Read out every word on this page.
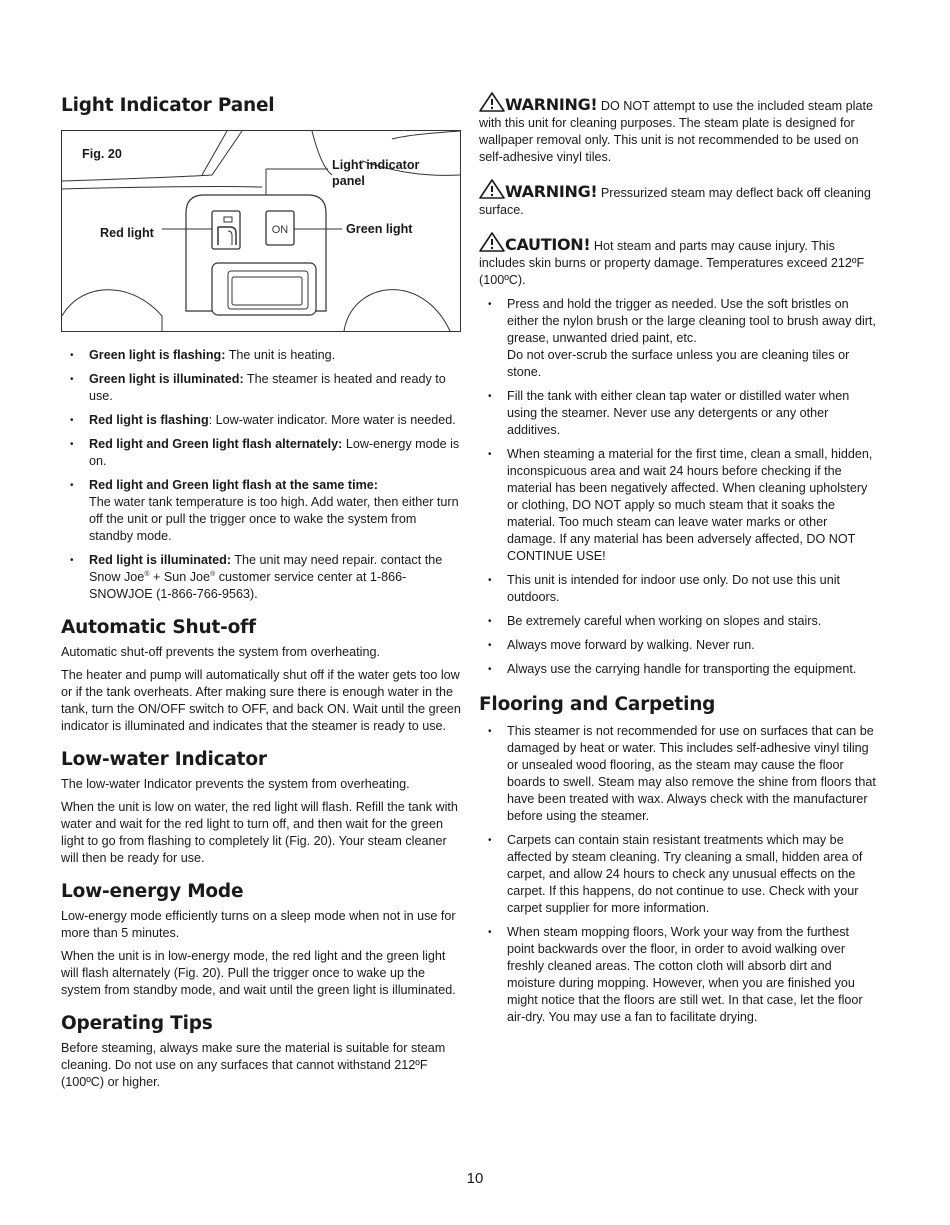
Light Indicator Panel
ON
Fig. 20
Light indicator panel
Red light	Green light
• Green light is flashing: The unit is heating.
• Green light is illuminated: The steamer is heated and ready to use.
• Red light is flashing: Low-water indicator. More water is needed.
• Red light and Green light flash alternately: Low-energy mode is on.
• Red light and Green light flash at the same time:
The water tank temperature is too high. Add water, then either turn off the unit or pull the trigger once to wake the system from standby mode.
• Red light is illuminated: The unit may need repair. contact the Snow Joe® + Sun Joe® customer service center at 1-866-SNOWJOE (1-866-766-9563).
Automatic Shut-off

Automatic shut-off prevents the system from overheating.

The heater and pump will automatically shut off if the water gets too low or if the tank overheats. After making sure there is enough water in the tank, turn the ON/OFF switch to OFF, and back ON. Wait until the green indicator is illuminated and indicates that the steamer is ready to use.

Low-water Indicator

The low-water Indicator prevents the system from overheating.

When the unit is low on water, the red light will flash. Refill the tank with water and wait for the red light to turn off, and then wait for the green light to go from flashing to completely lit (Fig. 20). Your steam cleaner will then be ready for use.

Low-energy Mode

Low-energy mode efficiently turns on a sleep mode when not in use for more than 5 minutes.

When the unit is in low-energy mode, the red light and the green light will flash alternately (Fig. 20). Pull the trigger once to wake up the system from standby mode, and wait until the green light is illuminated.

Operating Tips

Before steaming, always make sure the material is suitable for steam cleaning. Do not use on any surfaces that cannot withstand 212ºF (100ºC) or higher.

WARNING! DO NOT attempt to use the included steam plate with this unit for cleaning purposes. The steam plate is designed for wallpaper removal only. This unit is not recommended to be used on self-adhesive vinyl tiles.

WARNING! Pressurized steam may deflect back off cleaning surface.

CAUTION! Hot steam and parts may cause injury. This includes skin burns or property damage. Temperatures exceed 212ºF (100ºC).

• Press and hold the trigger as needed. Use the soft bristles on either the nylon brush or the large cleaning tool to brush away dirt, grease, unwanted dried paint, etc.
Do not over-scrub the surface unless you are cleaning tiles or stone.
• Fill the tank with either clean tap water or distilled water when using the steamer. Never use any detergents or any other additives.
• When steaming a material for the first time, clean a small, hidden, inconspicuous area and wait 24 hours before checking if the material has been negatively affected. When cleaning upholstery or clothing, DO NOT apply so much steam that it soaks the material. Too much steam can leave water marks or other damage. If any material has been adversely affected, DO NOT CONTINUE USE!
• This unit is intended for indoor use only. Do not use this unit outdoors.
• Be extremely careful when working on slopes and stairs.
• Always move forward by walking. Never run.
• Always use the carrying handle for transporting the equipment.
Flooring and Carpeting
• This steamer is not recommended for use on surfaces that can be damaged by heat or water. This includes self-adhesive vinyl tiling or unsealed wood flooring, as the steam may cause the floor boards to swell. Steam may also remove the shine from floors that have been treated with wax. Always check with the manufacturer before using the steamer.
• Carpets can contain stain resistant treatments which may be affected by steam cleaning. Try cleaning a small, hidden area of carpet, and allow 24 hours to check any unusual effects on the carpet. If this happens, do not continue to use. Check with your carpet supplier for more information.
• When steam mopping floors, Work your way from the furthest point backwards over the floor, in order to avoid walking over freshly cleaned areas. The cotton cloth will absorb dirt and moisture during mopping. However, when you are finished you might notice that the floors are still wet. In that case, let the floor air-dry. You may use a fan to facilitate drying.
10
